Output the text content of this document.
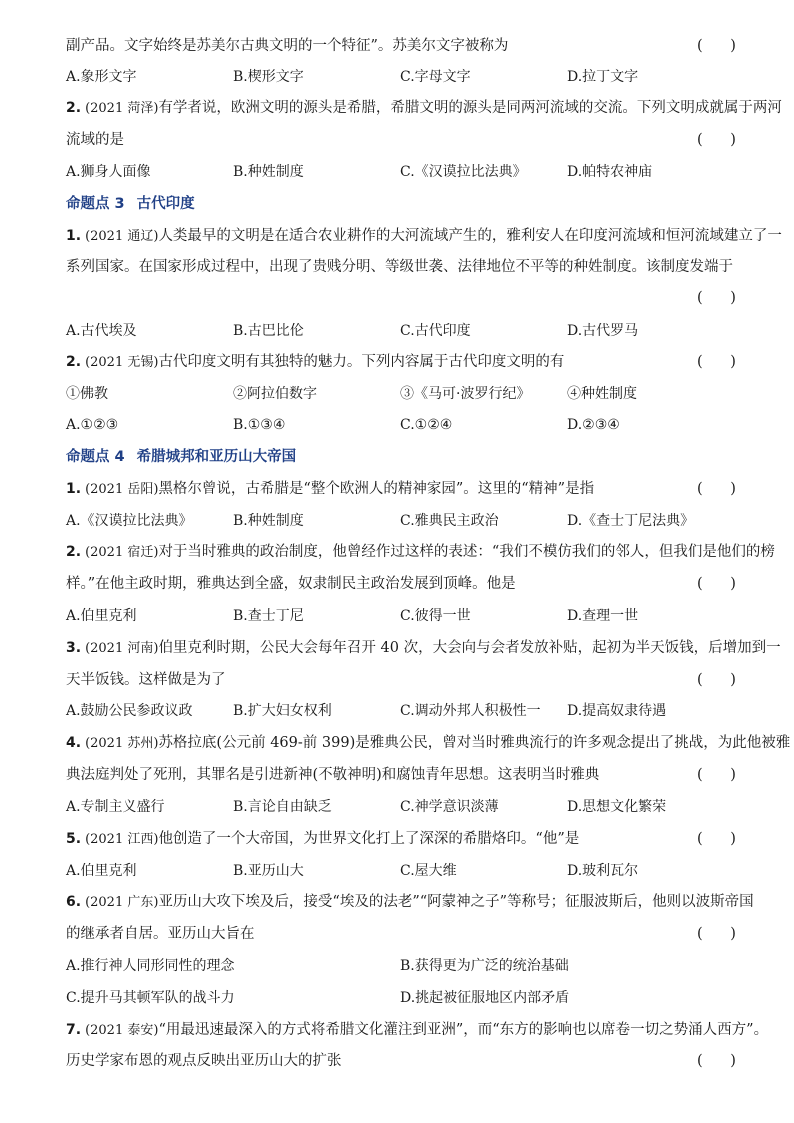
副产品。文字始终是苏美尔古典文明的一个特征”。苏美尔文字被称为	(      )
A.象形文字	B.楔形文字	C.字母文字	D.拉丁文字
2. (2021 菏泽)有学者说，欧洲文明的源头是希腊，希腊文明的源头是同两河流域的交流。下列文明成就属于两河
流域的是	(      )
A.狮身人面像	B.种姓制度	C.《汉谟拉比法典》	D.帕特农神庙
命题点 3 古代印度
1. (2021 通辽)人类最早的文明是在适合农业耕作的大河流域产生的，雅利安人在印度河流域和恒河流域建立了一
系列国家。在国家形成过程中，出现了贵贱分明、等级世袭、法律地位不平等的种姓制度。该制度发端于
(      )
A.古代埃及	B.古巴比伦	C.古代印度	D.古代罗马
2. (2021 无锡)古代印度文明有其独特的魅力。下列内容属于古代印度文明的有	(      )
①佛教	②阿拉伯数字	③《马可·波罗行纪》	④种姓制度
A.①②③	B.①③④	C.①②④	D.②③④
命题点 4 希腊城邦和亚历山大帝国
1. (2021 岳阳)黑格尔曾说，古希腊是“整个欧洲人的精神家园”。这里的“精神”是指	(      )
A.《汉谟拉比法典》	B.种姓制度	C.雅典民主政治	D.《查士丁尼法典》
2. (2021 宿迁)对于当时雅典的政治制度，他曾经作过这样的表述：“我们不模仿我们的邻人，但我们是他们的榜
样。”在他主政时期，雅典达到全盛，奴隶制民主政治发展到顶峰。他是	(      )
A.伯里克利	B.查士丁尼	C.彼得一世	D.查理一世
3. (2021 河南)伯里克利时期，公民大会每年召开 40 次，大会向与会者发放补贴，起初为半天饭钱，后增加到一
天半饭钱。这样做是为了	(      )
A.鼓励公民参政议政	B.扩大妇女权利	C.调动外邦人积极性一 D.提高奴隶待遇
4. (2021 苏州)苏格拉底(公元前 469-前 399)是雅典公民，曾对当时雅典流行的许多观念提出了挑战，为此他被雅
典法庭判处了死刑，其罪名是引进新神(不敬神明)和腐蚀青年思想。这表明当时雅典	(      )
A.专制主义盛行	B.言论自由缺乏	C.神学意识淡薄	D.思想文化繁荣
5. (2021 江西)他创造了一个大帝国，为世界文化打上了深深的希腊烙印。“他”是	(      )
A.伯里克利	B.亚历山大	C.屋大维	D.玻利瓦尔
6. (2021 广东)亚历山大攻下埃及后，接受“埃及的法老”“阿蒙神之子”等称号；征服波斯后，他则以波斯帝国
的继承者自居。亚历山大旨在	(      )
A.推行神人同形同性的理念	B.获得更为广泛的统治基础
C.提升马其顿军队的战斗力	D.挑起被征服地区内部矛盾
7. (2021 泰安)“用最迅速最深入的方式将希腊文化灌注到亚洲”，而“东方的影响也以席卷一切之势涌人西方”。
历史学家布恩的观点反映出亚历山大的扩张	(      )
